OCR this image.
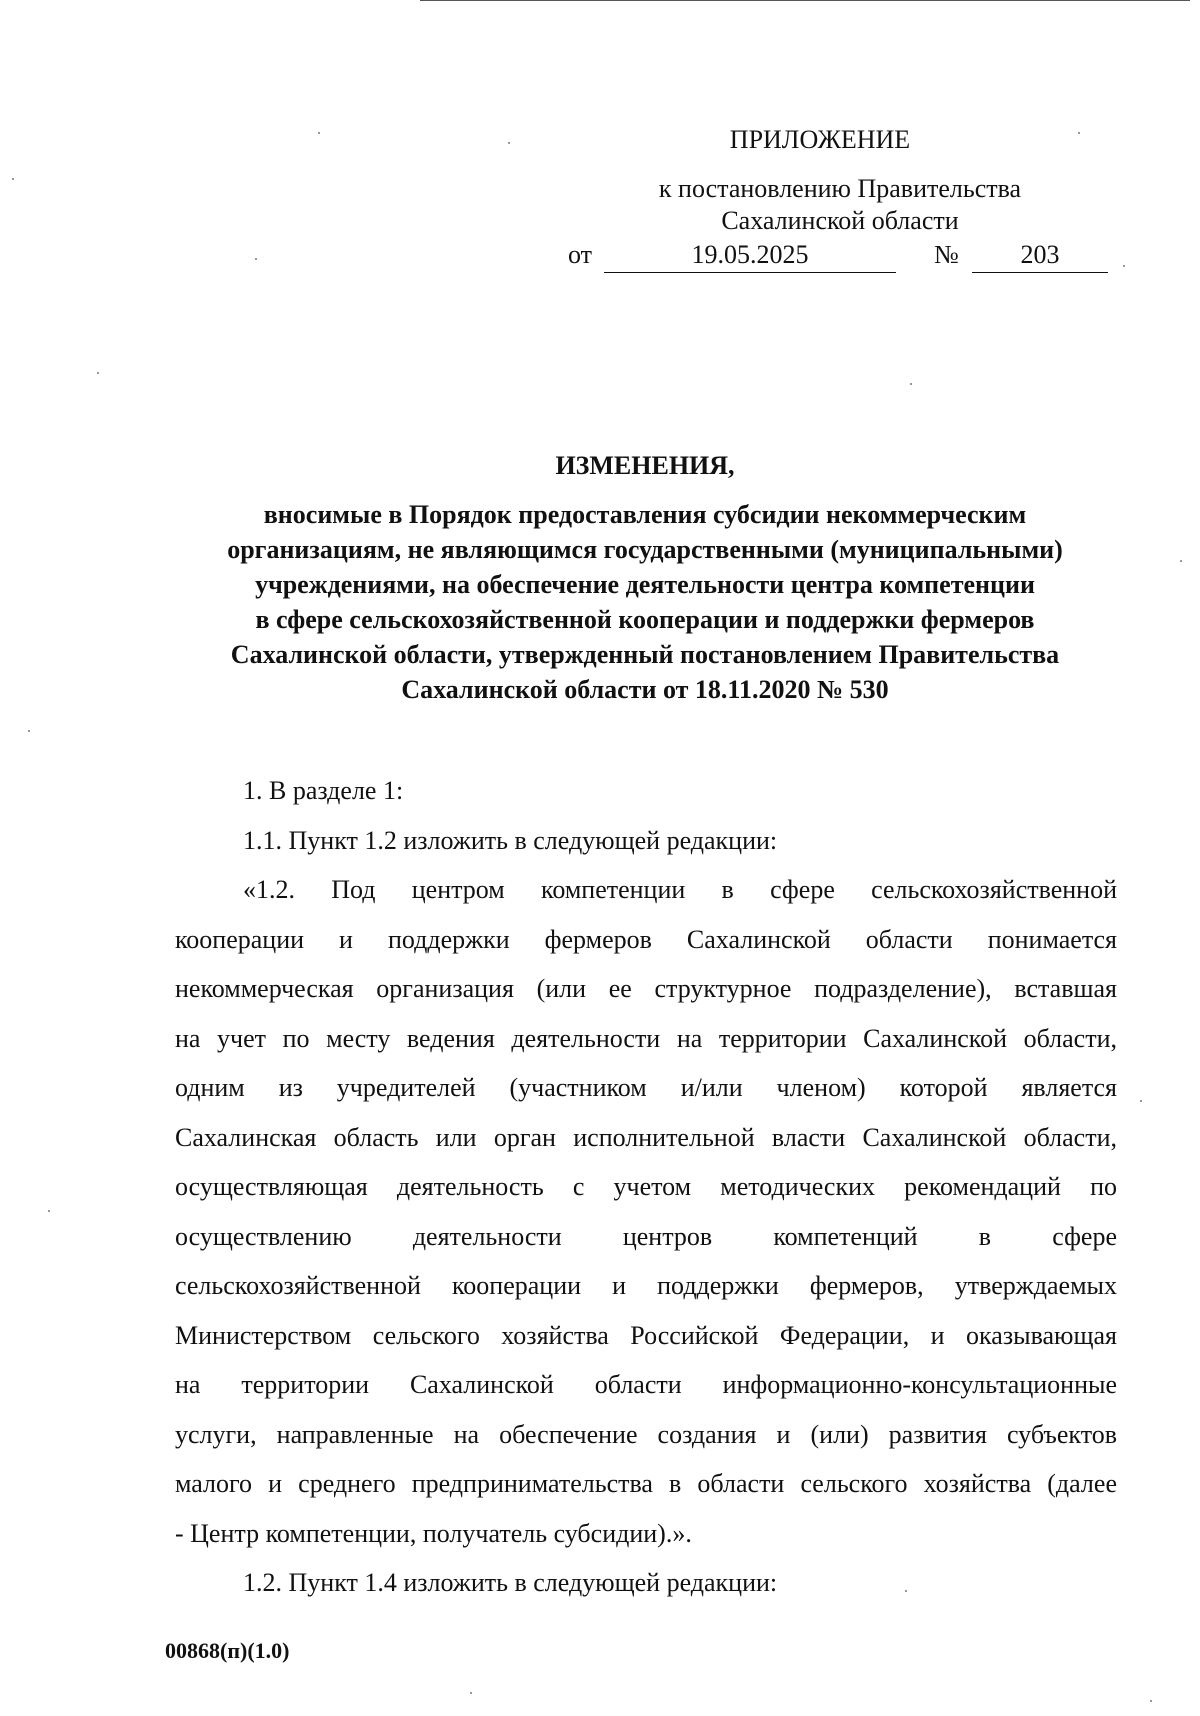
ПРИЛОЖЕНИЕ
к постановлению Правительства
Сахалинской области
от	19.05.2025	№	203
ИЗМЕНЕНИЯ,
вносимые в Порядок предоставления субсидии некоммерческим
организациям, не являющимся государственными (муниципальными)
учреждениями, на обеспечение деятельности центра компетенции
в сфере сельскохозяйственной кооперации и поддержки фермеров
Сахалинской области, утвержденный постановлением Правительства
Сахалинской области от 18.11.2020 № 530
1. В разделе 1:
1.1. Пункт 1.2 изложить в следующей редакции:
«1.2. Под центром компетенции в сфере сельскохозяйственной
кооперации и поддержки фермеров Сахалинской области понимается
некоммерческая организация (или ее структурное подразделение), вставшая
на учет по месту ведения деятельности на территории Сахалинской области,
одним из учредителей (участником и/или членом) которой является
Сахалинская область или орган исполнительной власти Сахалинской области,
осуществляющая деятельность с учетом методических рекомендаций по
осуществлению деятельности центров компетенций в сфере
сельскохозяйственной кооперации и поддержки фермеров, утверждаемых
Министерством сельского хозяйства Российской Федерации, и оказывающая
на территории Сахалинской области информационно-консультационные
услуги, направленные на обеспечение создания и (или) развития субъектов
малого и среднего предпринимательства в области сельского хозяйства (далее
- Центр компетенции, получатель субсидии).».
1.2. Пункт 1.4 изложить в следующей редакции:
00868(п)(1.0)
